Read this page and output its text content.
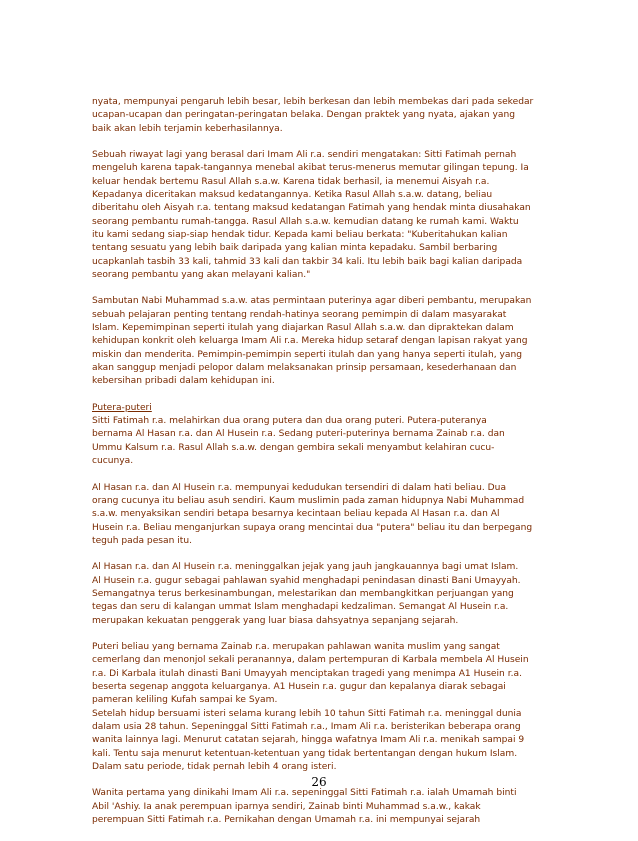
nyata, mempunyai pengaruh lebih besar, lebih berkesan dan lebih membekas dari pada sekedar
ucapan-ucapan dan peringatan-peringatan belaka. Dengan praktek yang nyata, ajakan yang
baik akan lebih terjamin keberhasilannya.
Sebuah riwayat lagi yang berasal dari Imam Ali r.a. sendiri mengatakan: Sitti Fatimah pernah
mengeluh karena tapak-tangannya menebal akibat terus-menerus memutar gilingan tepung. Ia
keluar hendak bertemu Rasul Allah s.a.w. Karena tidak berhasil, ia menemui Aisyah r.a.
Kepadanya diceritakan maksud kedatangannya. Ketika Rasul Allah s.a.w. datang, beliau
diberitahu oleh Aisyah r.a. tentang maksud kedatangan Fatimah yang hendak minta diusahakan
seorang pembantu rumah-tangga. Rasul Allah s.a.w. kemudian datang ke rumah kami. Waktu
itu kami sedang siap-siap hendak tidur. Kepada kami beliau berkata: "Kuberitahukan kalian
tentang sesuatu yang lebih baik daripada yang kalian minta kepadaku. Sambil berbaring
ucapkanlah tasbih 33 kali, tahmid 33 kali dan takbir 34 kali. Itu lebih baik bagi kalian daripada
seorang pembantu yang akan melayani kalian."
Sambutan Nabi Muhammad s.a.w. atas permintaan puterinya agar diberi pembantu, merupakan
sebuah pelajaran penting tentang rendah-hatinya seorang pemimpin di dalam masyarakat
Islam. Kepemimpinan seperti itulah yang diajarkan Rasul Allah s.a.w. dan dipraktekan dalam
kehidupan konkrit oleh keluarga Imam Ali r.a. Mereka hidup setaraf dengan lapisan rakyat yang
miskin dan menderita. Pemimpin-pemimpin seperti itulah dan yang hanya seperti itulah, yang
akan sanggup menjadi pelopor dalam melaksanakan prinsip persamaan, kesederhanaan dan
kebersihan pribadi dalam kehidupan ini.
Putera-puteri
Sitti Fatimah r.a. melahirkan dua orang putera dan dua orang puteri. Putera-puteranya
bernama Al Hasan r.a. dan Al Husein r.a. Sedang puteri-puterinya bernama Zainab r.a. dan
Ummu Kalsum r.a. Rasul Allah s.a.w. dengan gembira sekali menyambut kelahiran cucu-
cucunya.
Al Hasan r.a. dan Al Husein r.a. mempunyai kedudukan tersendiri di dalam hati beliau. Dua
orang cucunya itu beliau asuh sendiri. Kaum muslimin pada zaman hidupnya Nabi Muhammad
s.a.w. menyaksikan sendiri betapa besarnya kecintaan beliau kepada Al Hasan r.a. dan Al
Husein r.a. Beliau menganjurkan supaya orang mencintai dua "putera" beliau itu dan berpegang
teguh pada pesan itu.
Al Hasan r.a. dan Al Husein r.a. meninggalkan jejak yang jauh jangkauannya bagi umat Islam.
Al Husein r.a. gugur sebagai pahlawan syahid menghadapi penindasan dinasti Bani Umayyah.
Semangatnya terus berkesinambungan, melestarikan dan membangkitkan perjuangan yang
tegas dan seru di kalangan ummat Islam menghadapi kedzaliman. Semangat Al Husein r.a.
merupakan kekuatan penggerak yang luar biasa dahsyatnya sepanjang sejarah.
Puteri beliau yang bernama Zainab r.a. merupakan pahlawan wanita muslim yang sangat
cemerlang dan menonjol sekali peranannya, dalam pertempuran di Karbala membela Al Husein
r.a. Di Karbala itulah dinasti Bani Umayyah menciptakan tragedi yang menimpa A1 Husein r.a.
beserta segenap anggota keluarganya. A1 Husein r.a. gugur dan kepalanya diarak sebagai
pameran keliling Kufah sampai ke Syam.
Setelah hidup bersuami isteri selama kurang lebih 10 tahun Sitti Fatimah r.a. meninggal dunia
dalam usia 28 tahun. Sepeninggal Sitti Fatimah r.a., Imam Ali r.a. beristerikan beberapa orang
wanita lainnya lagi. Menurut catatan sejarah, hingga wafatnya Imam Ali r.a. menikah sampai 9
kali. Tentu saja menurut ketentuan-ketentuan yang tidak bertentangan dengan hukum Islam.
Dalam satu periode, tidak pernah lebih 4 orang isteri.
Wanita pertama yang dinikahi Imam Ali r.a. sepeninggal Sitti Fatimah r.a. ialah Umamah binti
Abil 'Ashiy. Ia anak perempuan iparnya sendiri, Zainab binti Muhammad s.a.w., kakak
perempuan Sitti Fatimah r.a. Pernikahan dengan Umamah r.a. ini mempunyai sejarah
26
